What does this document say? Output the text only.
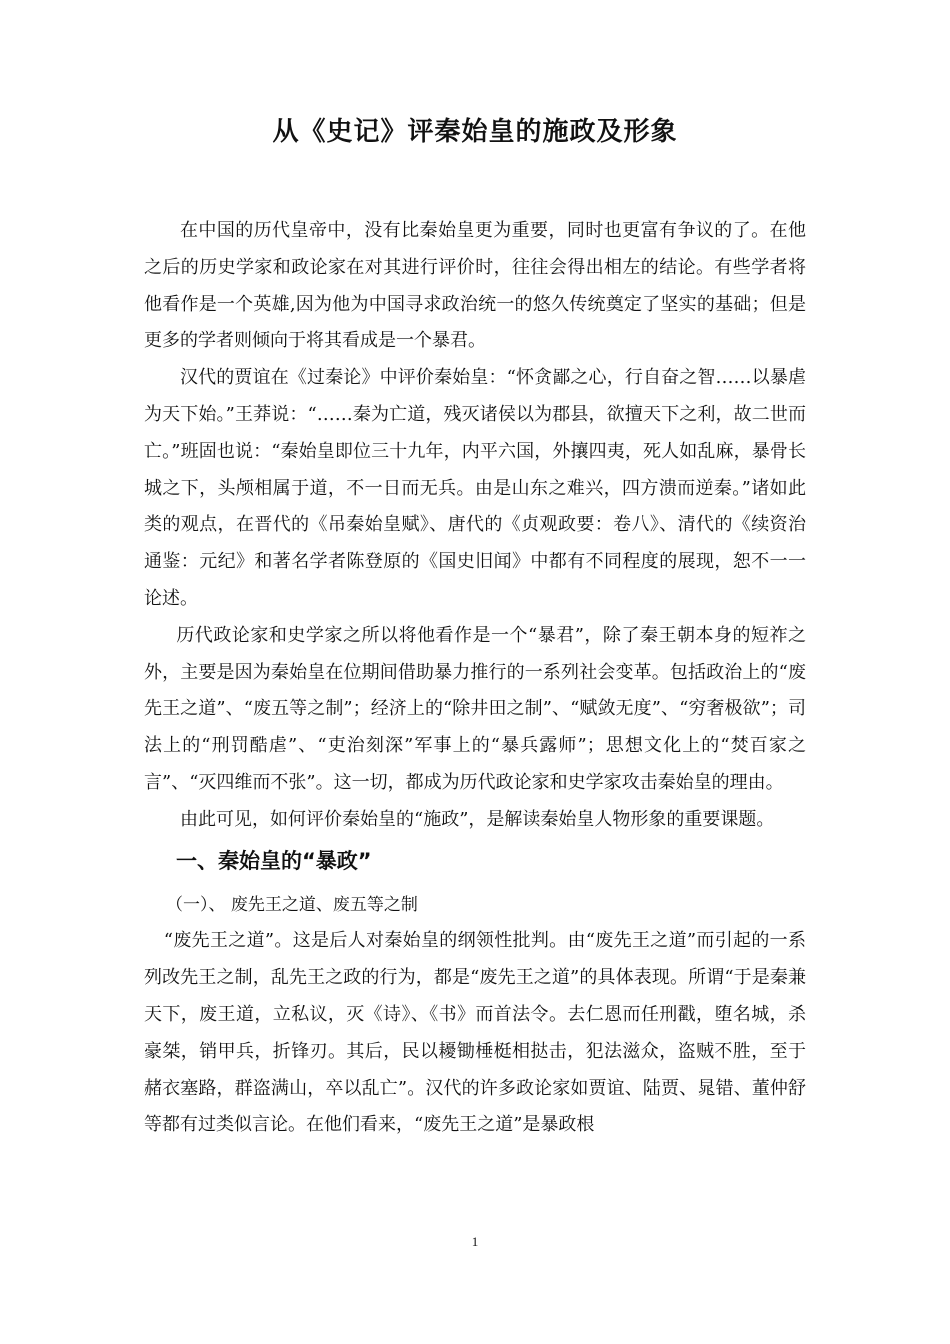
从《史记》评秦始皇的施政及形象

在中国的历代皇帝中，没有比秦始皇更为重要，同时也更富有争议的了。在他之后的历史学家和政论家在对其进行评价时，往往会得出相左的结论。有些学者将他看作是一个英雄,因为他为中国寻求政治统一的悠久传统奠定了坚实的基础；但是更多的学者则倾向于将其看成是一个暴君。

汉代的贾谊在《过秦论》中评价秦始皇：“怀贪鄙之心，行自奋之智……以暴虐为天下始。”王莽说：“……秦为亡道，残灭诸侯以为郡县，欲擅天下之利，故二世而亡。”班固也说：“秦始皇即位三十九年，内平六国，外攘四夷，死人如乱麻，暴骨长城之下，头颅相属于道，不一日而无兵。由是山东之难兴，四方溃而逆秦。”诸如此类的观点，在晋代的《吊秦始皇赋》、唐代的《贞观政要：卷八》、清代的《续资治通鉴：元纪》和著名学者陈登原的《国史旧闻》中都有不同程度的展现，恕不一一论述。

历代政论家和史学家之所以将他看作是一个“暴君”，除了秦王朝本身的短祚之外，主要是因为秦始皇在位期间借助暴力推行的一系列社会变革。包括政治上的“废先王之道”、“废五等之制”；经济上的“除井田之制”、“赋敛无度”、“穷奢极欲”；司法上的“刑罚酷虐”、“吏治刻深”军事上的“暴兵露师”；思想文化上的“焚百家之言”、“灭四维而不张”。这一切，都成为历代政论家和史学家攻击秦始皇的理由。

由此可见，如何评价秦始皇的“施政”，是解读秦始皇人物形象的重要课题。

一、秦始皇的“暴政”
（一）、 废先王之道、废五等之制

“废先王之道”。这是后人对秦始皇的纲领性批判。由“废先王之道”而引起的一系列改先王之制，乱先王之政的行为，都是“废先王之道”的具体表现。所谓“于是秦兼天下，废王道，立私议，灭《诗》、《书》而首法令。去仁恩而任刑戳，堕名城，杀豪桀，销甲兵，折锋刃。其后，民以耰锄棰梃相挞击，犯法滋众，盗贼不胜，至于赭衣塞路，群盗满山，卒以乱亡”。汉代的许多政论家如贾谊、陆贾、晁错、董仲舒等都有过类似言论。在他们看来，“废先王之道”是暴政根

1
